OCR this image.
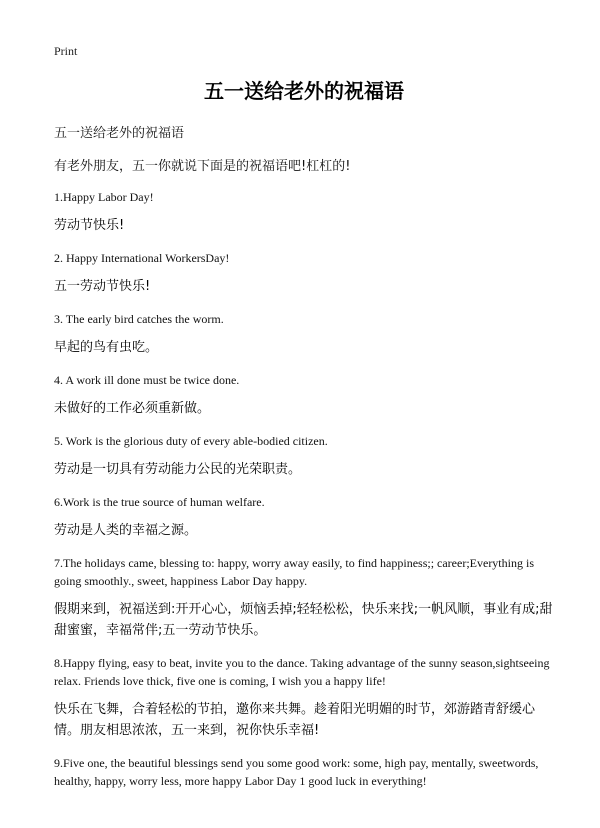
Print
五一送给老外的祝福语
五一送给老外的祝福语
有老外朋友，五一你就说下面是的祝福语吧!杠杠的!
1.Happy Labor Day!
劳动节快乐!
2. Happy International WorkersDay!
五一劳动节快乐!
3. The early bird catches the worm.
早起的鸟有虫吃。
4. A work ill done must be twice done.
未做好的工作必须重新做。
5. Work is the glorious duty of every able-bodied citizen.
劳动是一切具有劳动能力公民的光荣职责。
6.Work is the true source of human welfare.
劳动是人类的幸福之源。
7.The holidays came, blessing to: happy, worry away easily, to find happiness;; career;Everything is going smoothly., sweet, happiness Labor Day happy.
假期来到，祝福送到:开开心心，烦恼丢掉;轻轻松松，快乐来找;一帆风顺，事业有成;甜甜蜜蜜，幸福常伴;五一劳动节快乐。
8.Happy flying, easy to beat, invite you to the dance. Taking advantage of the sunny season,sightseeing relax. Friends love thick, five one is coming, I wish you a happy life!
快乐在飞舞，合着轻松的节拍，邀你来共舞。趁着阳光明媚的时节，郊游踏青舒缓心情。朋友相思浓浓，五一来到，祝你快乐幸福!
9.Five one, the beautiful blessings send you some good work: some, high pay, mentally, sweetwords, healthy, happy, worry less, more happy Labor Day 1 good luck in everything!
